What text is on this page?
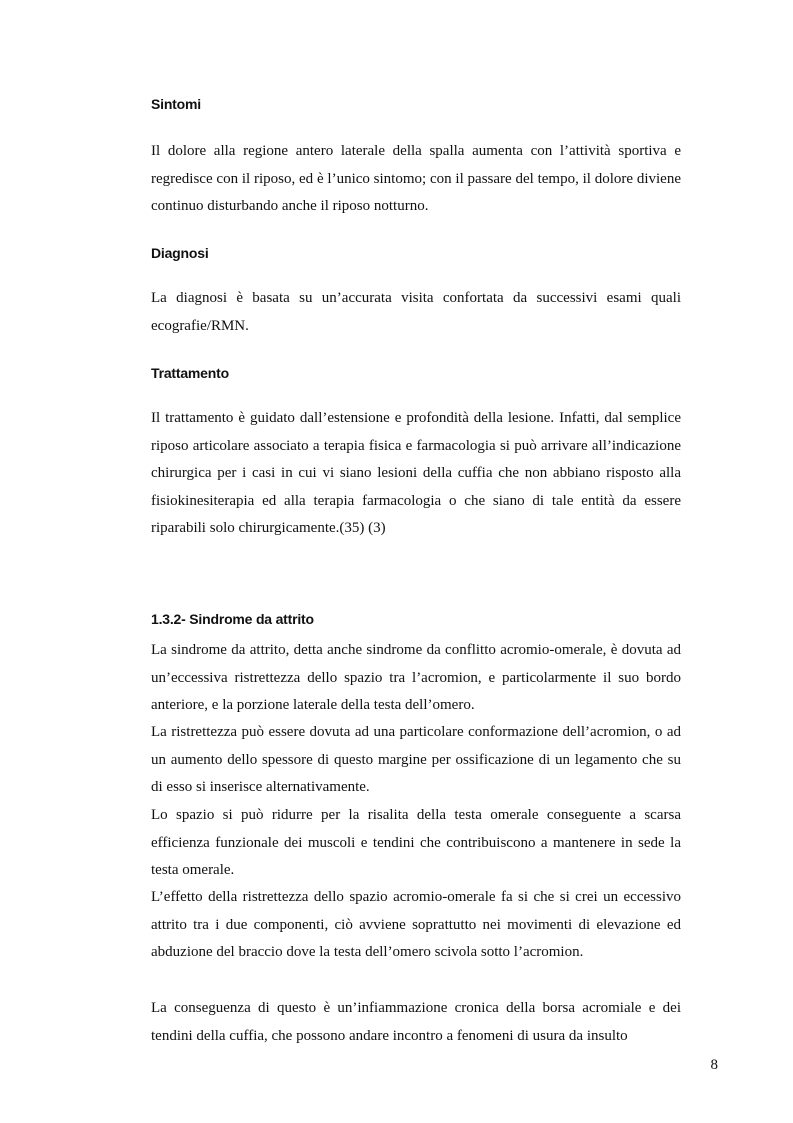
Sintomi

Il dolore alla regione antero laterale della spalla aumenta con l’attività sportiva e regredisce con il riposo, ed è l’unico sintomo; con il passare del tempo, il dolore diviene continuo disturbando anche il riposo notturno.

Diagnosi

La diagnosi è basata su un’accurata visita confortata da successivi esami quali ecografie/RMN.

Trattamento

Il trattamento è guidato dall’estensione e profondità della lesione. Infatti, dal semplice riposo articolare associato a terapia fisica e farmacologia si può arrivare all’indicazione chirurgica per i casi in cui vi siano lesioni della cuffia che non abbiano risposto alla fisiokinesiterapia ed alla terapia farmacologia o che siano di tale entità da essere riparabili solo chirurgicamente.(35) (3)

1.3.2- Sindrome da attrito

La sindrome da attrito, detta anche sindrome da conflitto acromio-omerale, è dovuta ad un’eccessiva ristrettezza dello spazio tra l’acromion, e particolarmente il suo bordo anteriore, e la porzione laterale della testa dell’omero.

La ristrettezza può essere dovuta ad una particolare conformazione dell’acromion, o ad un aumento dello spessore di questo margine per ossificazione di un legamento che su di esso si inserisce alternativamente.

Lo spazio si può ridurre per la risalita della testa omerale conseguente a scarsa efficienza funzionale dei muscoli e tendini che contribuiscono a mantenere in sede la testa omerale.

L’effetto della ristrettezza dello spazio acromio-omerale fa si che si crei un eccessivo attrito tra i due componenti, ciò avviene soprattutto nei movimenti di elevazione ed abduzione del braccio dove la testa dell’omero scivola sotto l’acromion.

La conseguenza di questo è un’infiammazione cronica della borsa acromiale e dei tendini della cuffia, che possono andare incontro a fenomeni di usura da insulto

8
